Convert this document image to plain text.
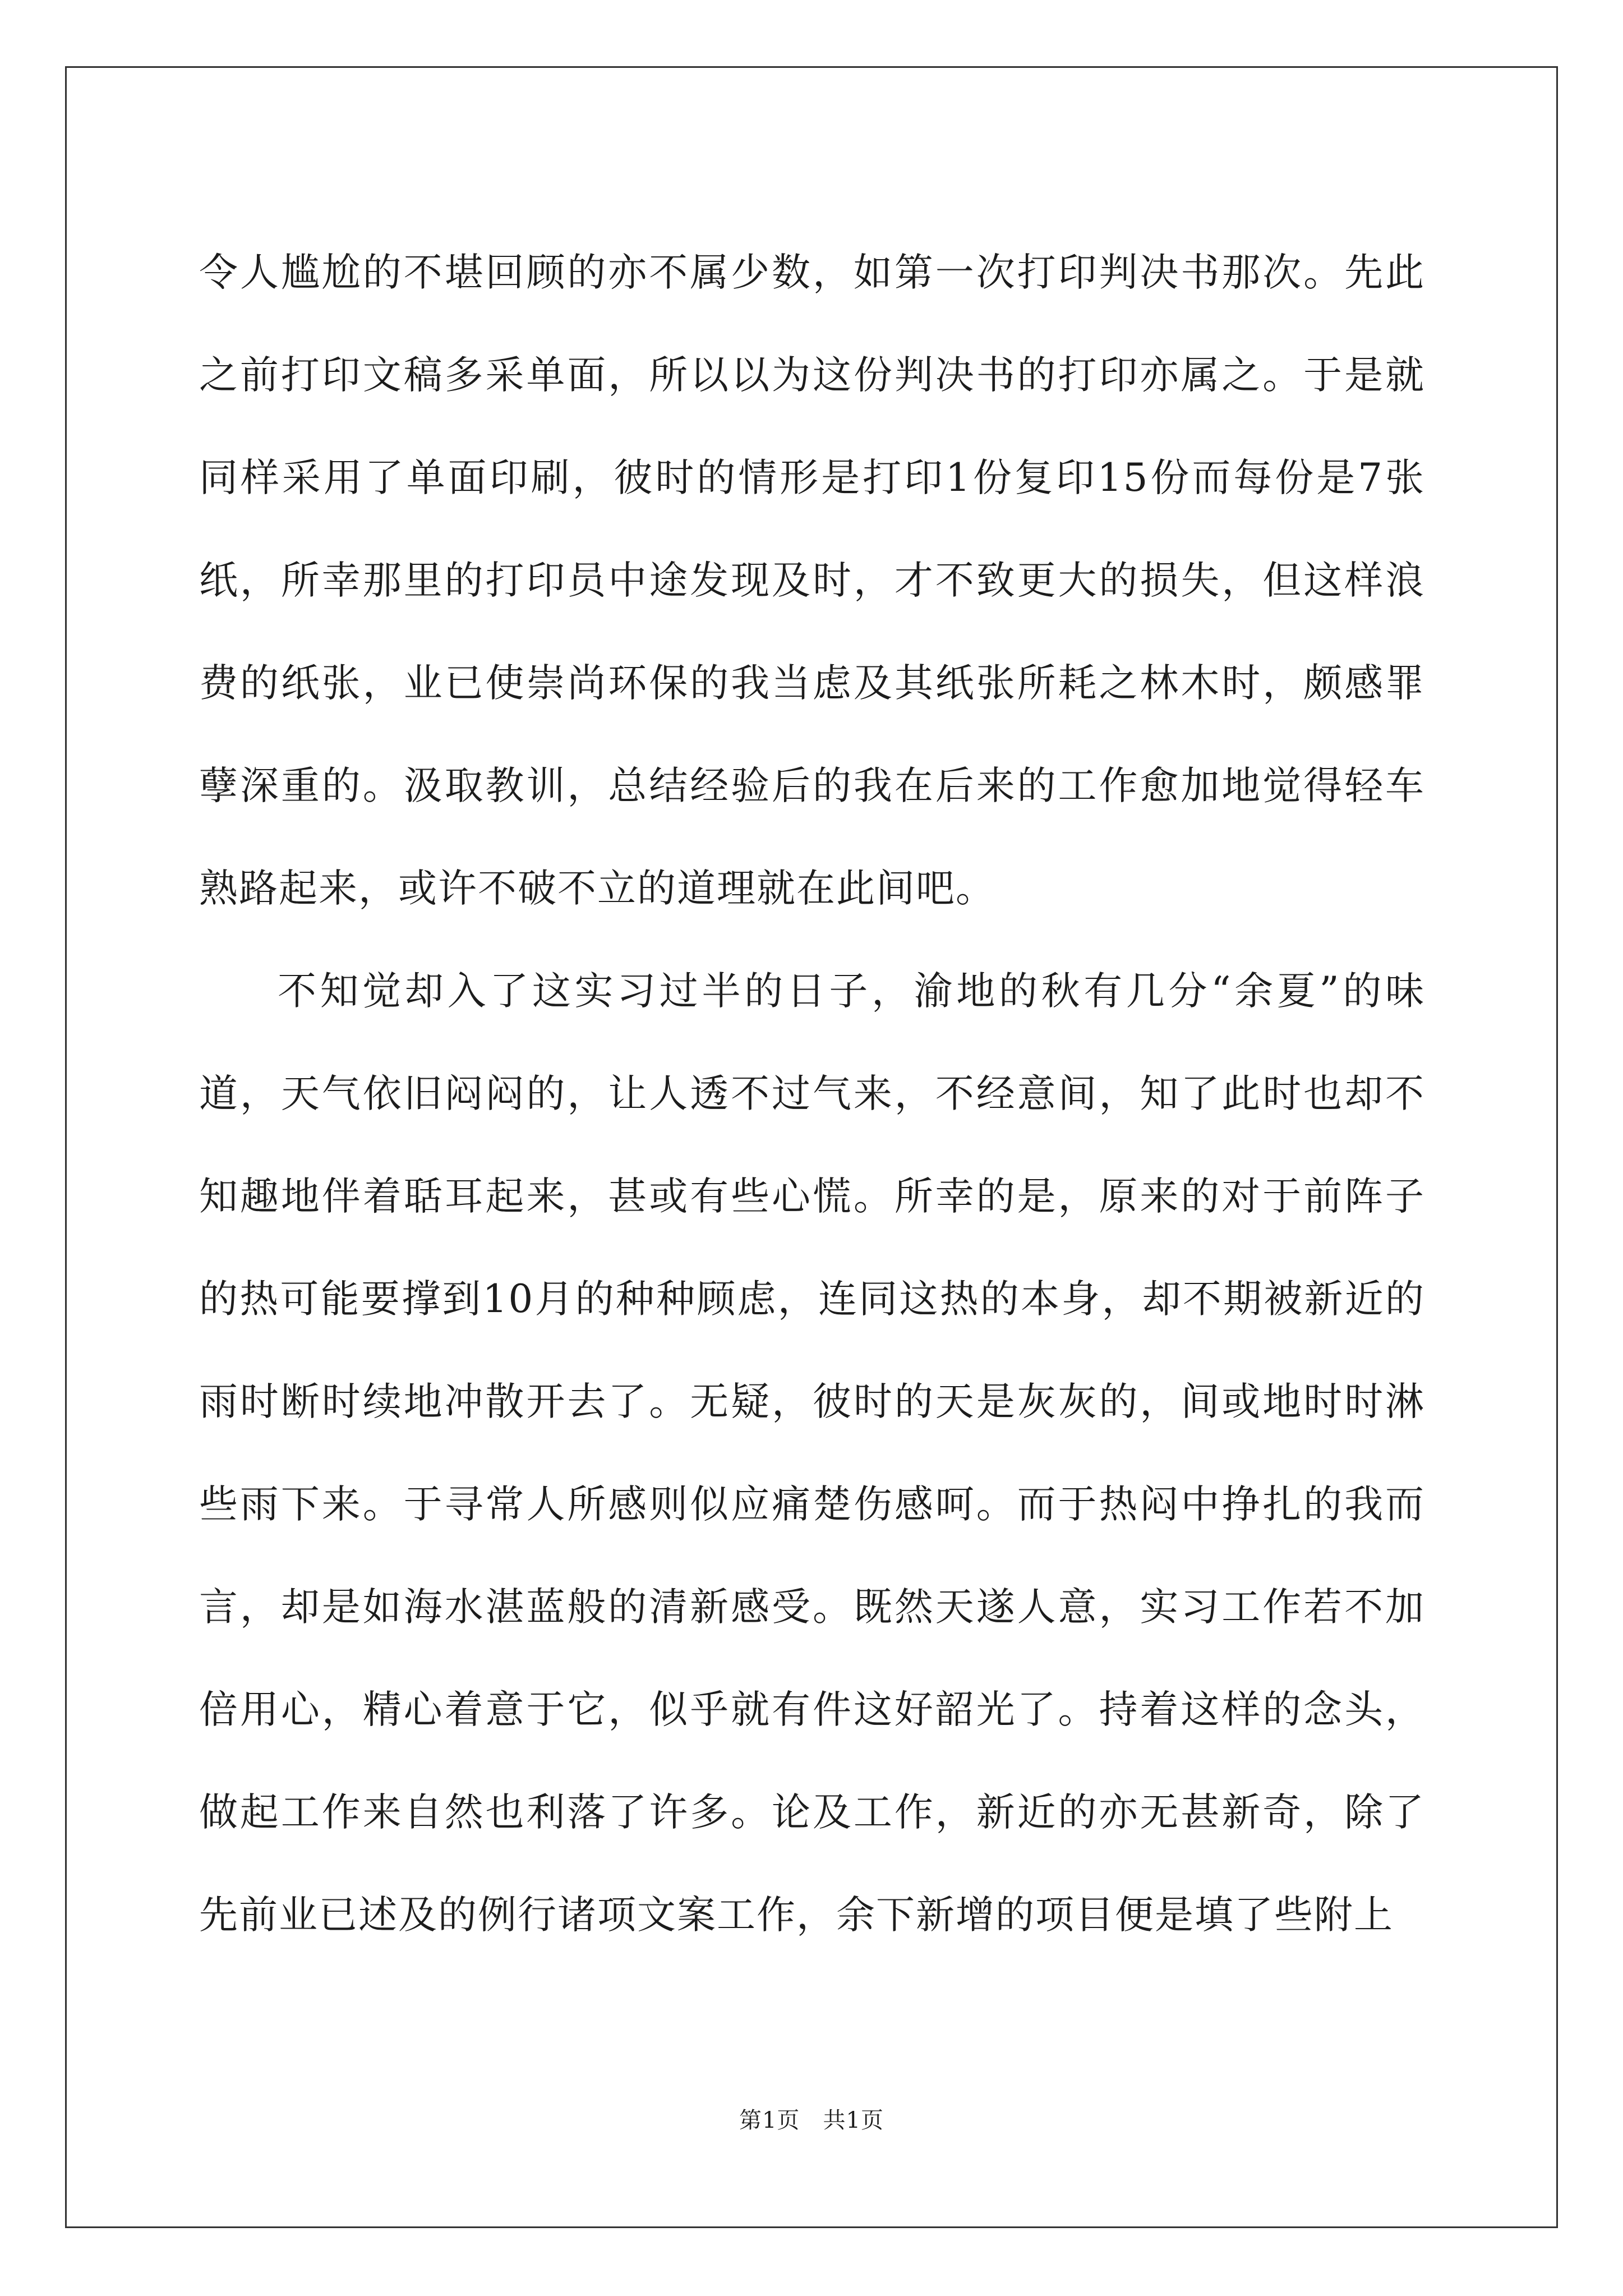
令人尴尬的不堪回顾的亦不属少数，如第一次打印判决书那次。先此之前打印文稿多采单面，所以以为这份判决书的打印亦属之。于是就同样采用了单面印刷，彼时的情形是打印1份复印15份而每份是7张纸，所幸那里的打印员中途发现及时，才不致更大的损失，但这样浪费的纸张，业已使崇尚环保的我当虑及其纸张所耗之林木时，颇感罪孽深重的。汲取教训，总结经验后的我在后来的工作愈加地觉得轻车熟路起来，或许不破不立的道理就在此间吧。

不知觉却入了这实习过半的日子，渝地的秋有几分“余夏”的味道，天气依旧闷闷的，让人透不过气来，不经意间，知了此时也却不知趣地伴着聒耳起来，甚或有些心慌。所幸的是，原来的对于前阵子的热可能要撑到10月的种种顾虑，连同这热的本身，却不期被新近的雨时断时续地冲散开去了。无疑，彼时的天是灰灰的，间或地时时淋些雨下来。于寻常人所感则似应痛楚伤感呵。而于热闷中挣扎的我而言，却是如海水湛蓝般的清新感受。既然天遂人意，实习工作若不加倍用心，精心着意于它，似乎就有件这好韶光了。持着这样的念头，做起工作来自然也利落了许多。论及工作，新近的亦无甚新奇，除了先前业已述及的例行诸项文案工作，余下新增的项目便是填了些附上

第1页   共1页
